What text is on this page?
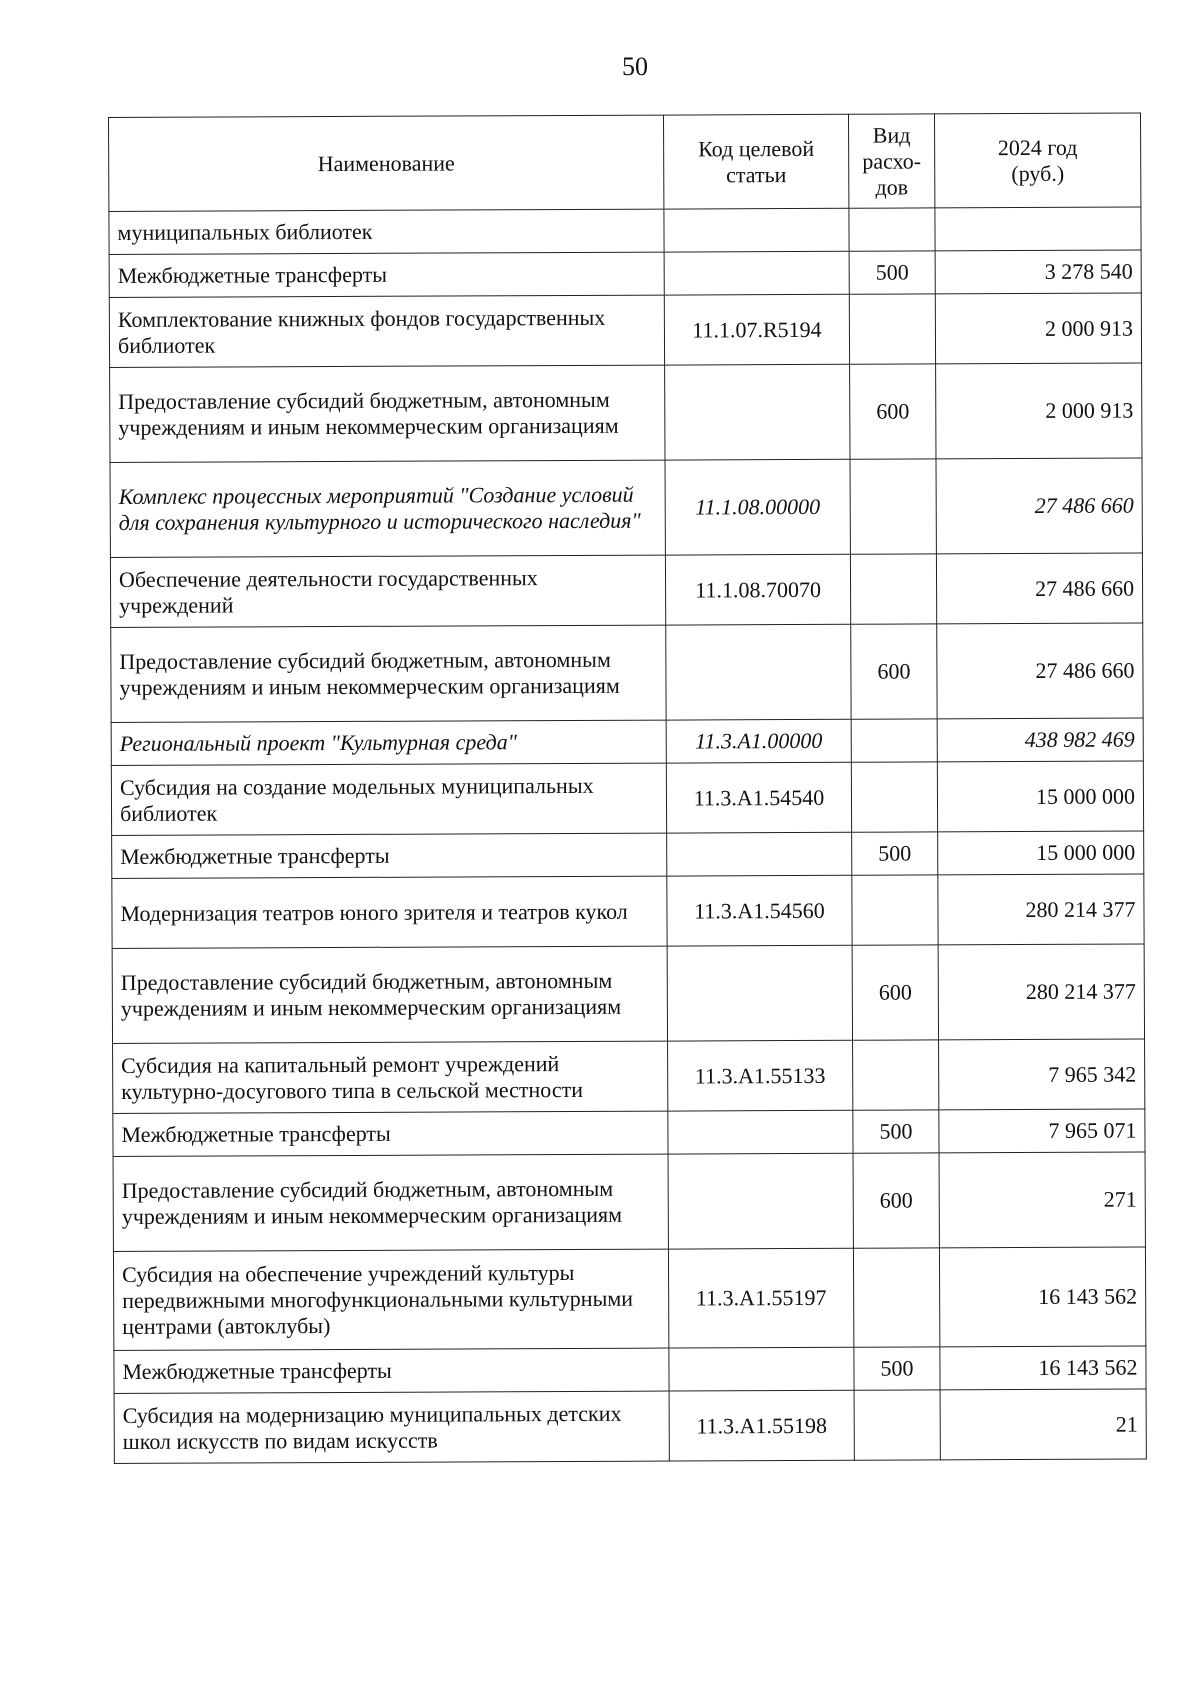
50
Наименование	Код целевой статьи	Вид расхо- дов	2024 год (руб.)
муниципальных библиотек			
Межбюджетные трансферты		500	3 278 540
Комплектование книжных фондов государственных библиотек	11.1.07.R5194		2 000 913
Предоставление субсидий бюджетным, автономным учреждениям и иным некоммерческим организациям		600	2 000 913
Комплекс процессных мероприятий "Создание условий для сохранения культурного и исторического наследия"	11.1.08.00000		27 486 660
Обеспечение деятельности государственных учреждений	11.1.08.70070		27 486 660
Предоставление субсидий бюджетным, автономным учреждениям и иным некоммерческим организациям		600	27 486 660
Региональный проект "Культурная среда"	11.3.А1.00000		438 982 469
Субсидия на создание модельных муниципальных библиотек	11.3.А1.54540		15 000 000
Межбюджетные трансферты		500	15 000 000
Модернизация театров юного зрителя и театров кукол	11.3.А1.54560		280 214 377
Предоставление субсидий бюджетным, автономным учреждениям и иным некоммерческим организациям		600	280 214 377
Субсидия на капитальный ремонт учреждений культурно-досугового типа в сельской местности	11.3.А1.55133		7 965 342
Межбюджетные трансферты		500	7 965 071
Предоставление субсидий бюджетным, автономным учреждениям и иным некоммерческим организациям		600	271
Субсидия на обеспечение учреждений культуры передвижными многофункциональными культурными центрами (автоклубы)	11.3.А1.55197		16 143 562
Межбюджетные трансферты		500	16 143 562
Субсидия на модернизацию муниципальных детских школ искусств по видам искусств	11.3.А1.55198		21
